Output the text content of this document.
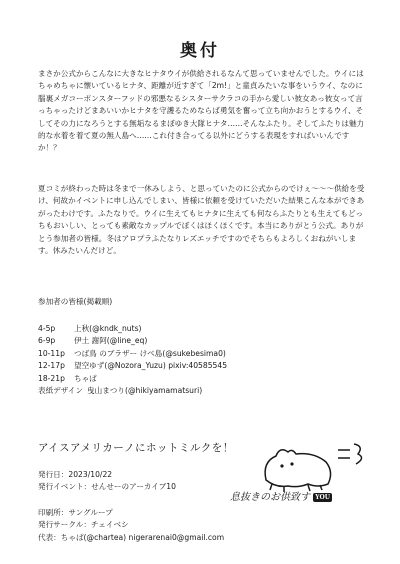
奥付

まさか公式からこんなに大きなヒナタウイが供給されるなんて思っていませんでした。ウイにはちゃめちゃに懐いているヒナタ、距離が近すぎて「2m!」と童貞みたいな事をいうウイ、なのに腦裏メガコーポンスターフッドの邪悪なるシスターサクラコの手から愛しい彼女あっ彼女って言っちゃったけどまあいいかヒナタを守護るためならば勇気を奮って立ち向かおうとするウイ、そしてその力になろうとする無垢なるまぼゆき大隊ヒナタ……そんなふたり。そしてふたりは魅力的な水着を着て夏の無人島へ……これ付き合ってる以外にどうする表現をすればいいんですか！？

夏コミが終わった時は冬まで一休みしよう、と思っていたのに公式からのでけぇ〜〜〜供給を受け、何故かイベントに申し込んでしまい、皆様に依頼を受けていただいた結果こんな本ができあがったわけです。ふたなりで。ウイに生えてもヒナタに生えても何ならふたりとも生えてもどっちもおいしい、とっても素敵なカップルでぼくはほくほくです。本当にありがとう公式。ありがとう参加者の皆様。冬はアロプラふたなりレズエッチですのでそちらもよろしくおねがいします。休みたいんだけど。

参加者の皆様(掲載順)
4-5p	上秋(@kndk_nuts)
6-9p	伊土 謝阿(@line_eq)
10-11p	つば鳥 のブラザー けべ島(@sukebesima0)
12-17p	望空ゆず(@Nozora_Yuzu) pixiv:40585545
18-21p	ちゃぱ
表紙デザイン 曳山まつり(@hikiyamamatsuri)
アイスアメリカーノにホットミルクを！
発行日：2023/10/22
発行イベント：せんせーのアーカイブ10
印刷所：サングループ
発行サークル：チェイベシ
代表：ちゃぱ(@chartea) nigerarenai0@gmail.com
息抜きのお供致す YOU
